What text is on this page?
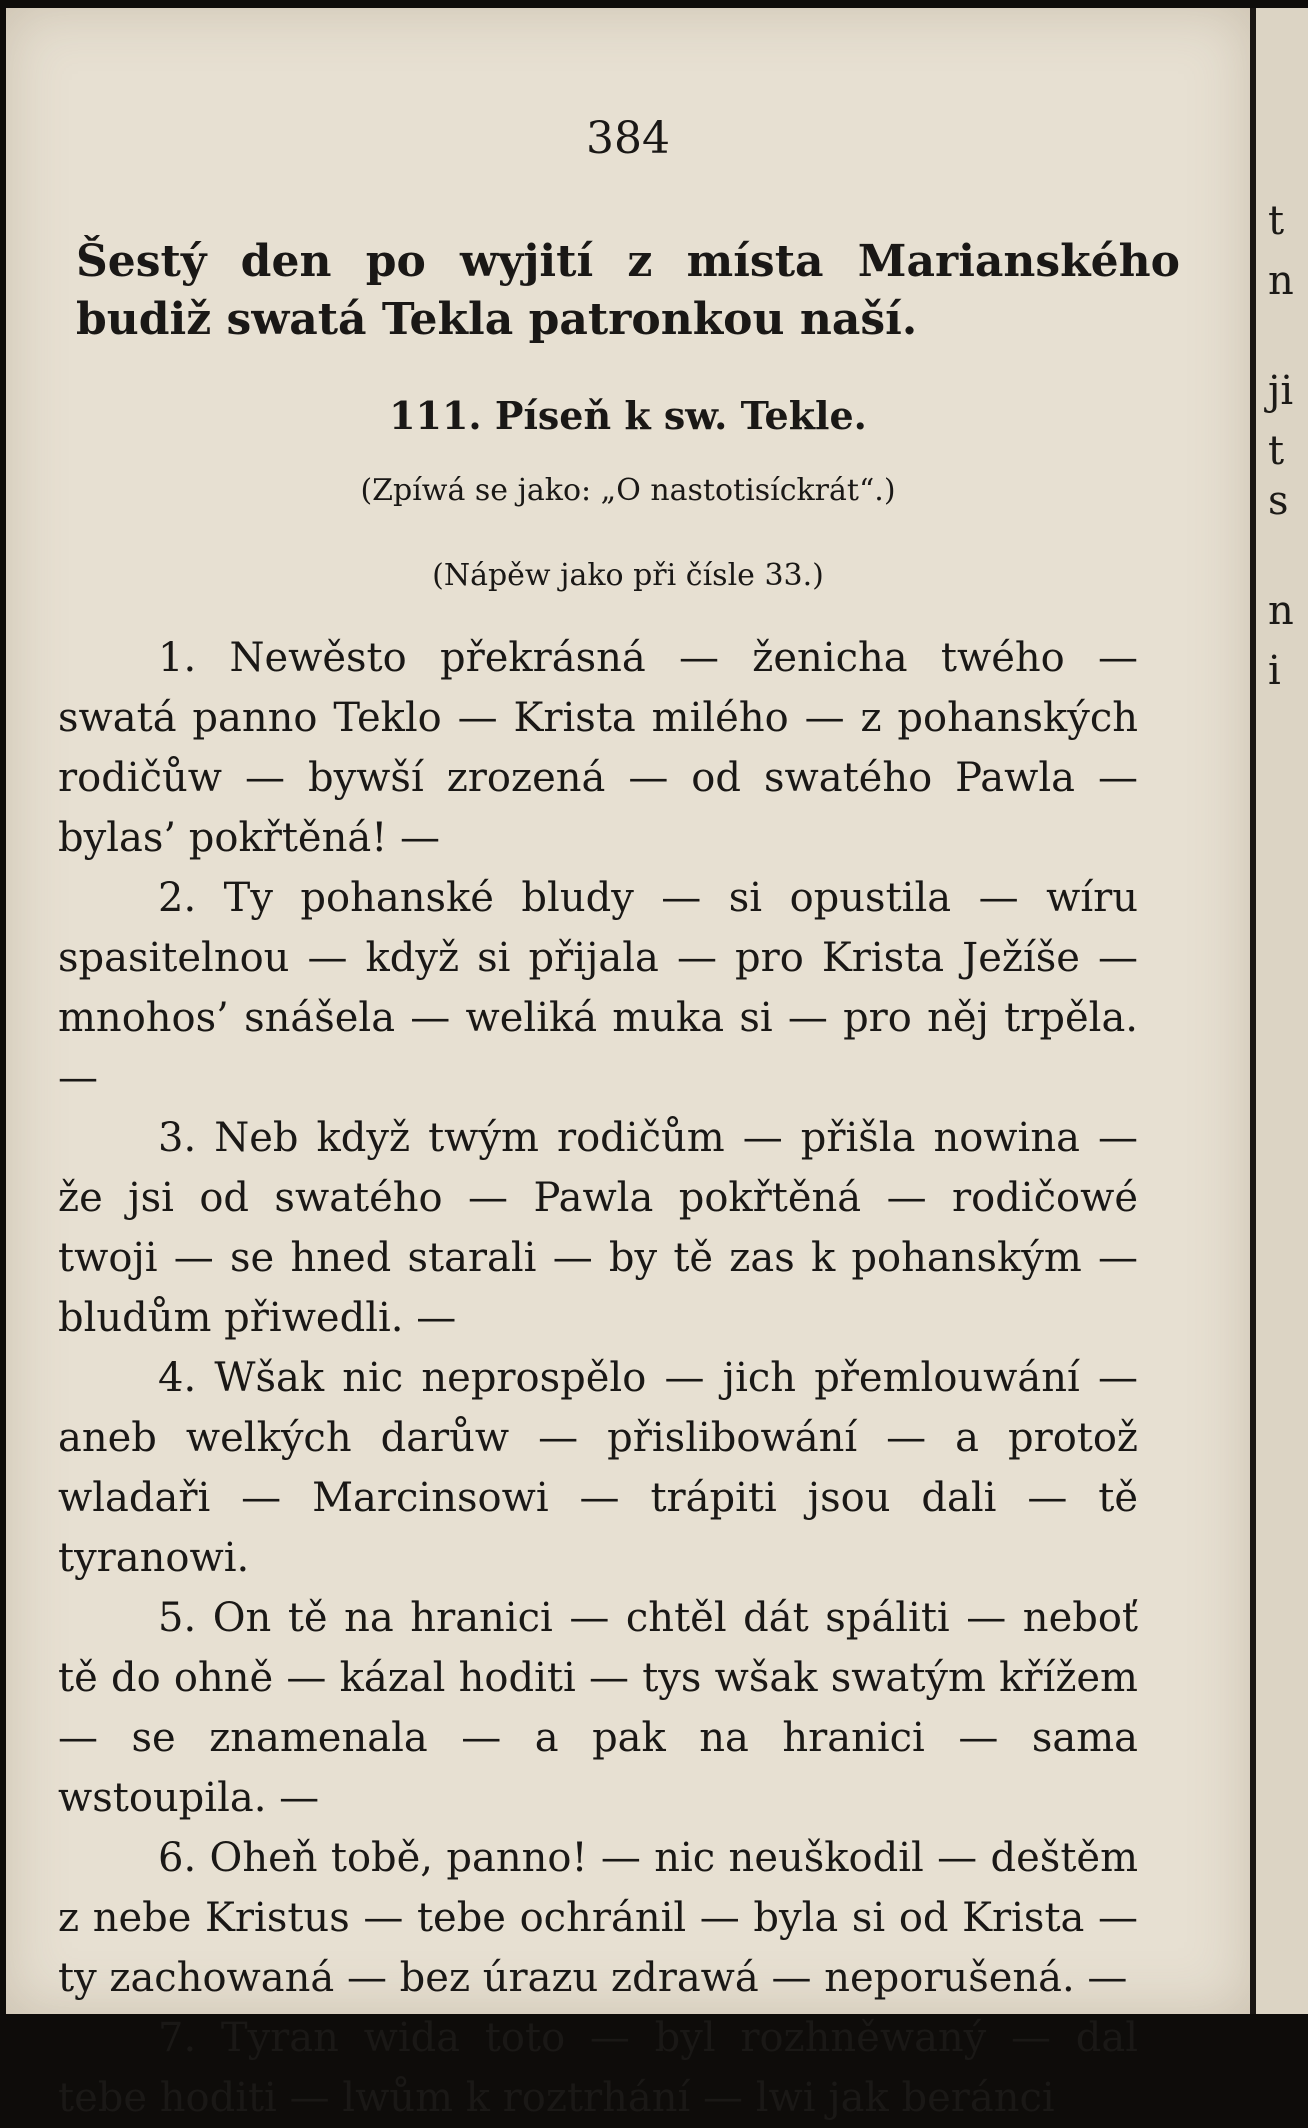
384
Šestý den po wyjití z místa Marianského budiž swatá Tekla patronkou naší.
111. Píseň k sw. Tekle.
(Zpíwá se jako: „O nastotisíckrát“.)
(Nápěw jako při čísle 33.)

1. Newěsto překrásná — ženicha twého — swatá panno Teklo — Krista milého — z pohanských rodičůw — bywší zrozená — od swatého Pawla — bylas’ pokřtěná! —

2. Ty pohanské bludy — si opustila — wíru spasitelnou — když si přijala — pro Krista Ježíše — mnohos’ snášela — weliká muka si — pro něj trpěla. —

3. Neb když twým rodičům — přišla nowina — že jsi od swatého — Pawla pokřtěná — rodičowé twoji — se hned starali — by tě zas k pohanským — bludům přiwedli. —

4. Wšak nic neprospělo — jich přemlouwání — aneb welkých darůw — přislibowání — a protož wladaři — Marcinsowi — trápiti jsou dali — tě tyranowi.

5. On tě na hranici — chtěl dát spáliti — neboť tě do ohně — kázal hoditi — tys wšak swatým křížem — se znamenala — a pak na hranici — sama wstoupila. —

6. Oheň tobě, panno! — nic neuškodil — deštěm z nebe Kristus — tebe ochránil — byla si od Krista — ty zachowaná — bez úrazu zdrawá — neporušená. —

7. Tyran wida toto — byl rozhněwaný — dal tebe hoditi — lwům k roztrhání — lwi jak beránci

t
n
ji
t
s
n
i
